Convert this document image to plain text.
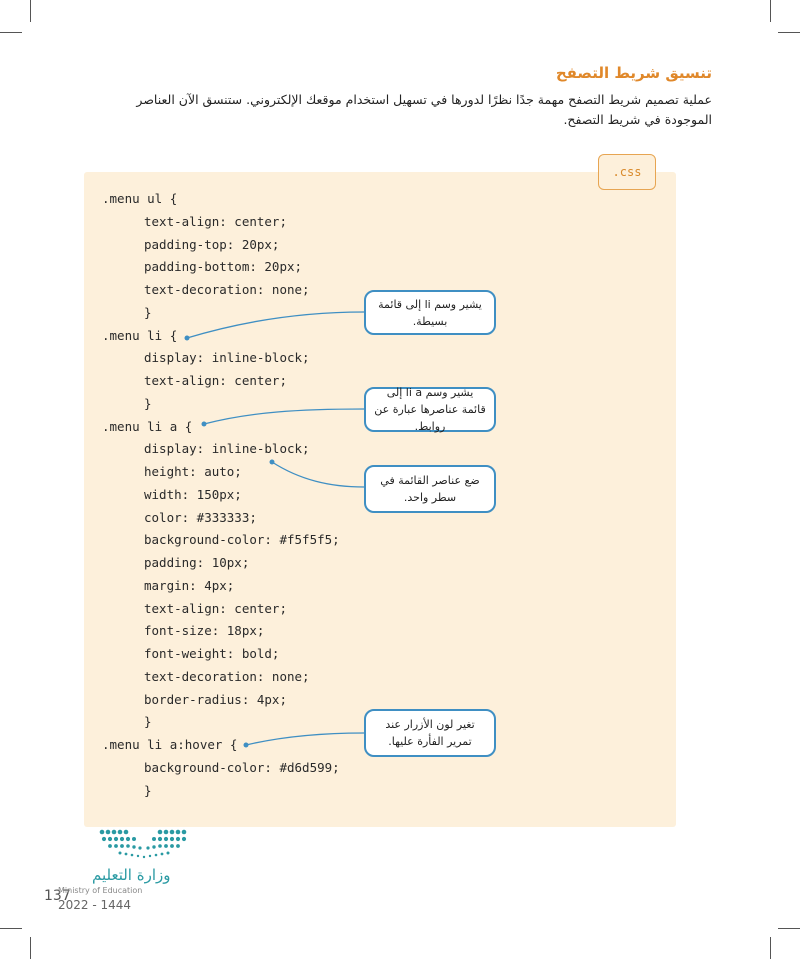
تنسيق شريط التصفح

عملية تصميم شريط التصفح مهمة جدًا نظرًا لدورها في تسهيل استخدام موقعك الإلكتروني. ستنسق الآن العناصر الموجودة في شريط التصفح.

.css
.menu ul {
text-align: center;
padding-top: 20px;
padding-bottom: 20px;
text-decoration: none;
}
.menu li {
display: inline-block;
text-align: center;
}
.menu li a {
display: inline-block;
height: auto;
width: 150px;
color: #333333;
background-color: #f5f5f5;
padding: 10px;
margin: 4px;
text-align: center;
font-size: 18px;
font-weight: bold;
text-decoration: none;
border-radius: 4px;
}
.menu li a:hover {
background-color: #d6d599;
}
يشير وسم li إلى قائمة بسيطة.
يشير وسم li a إلى قائمة عناصرها عبارة عن روابط.
ضع عناصر القائمة في سطر واحد.
تغير لون الأزرار عند تمرير الفأرة عليها.
وزارة التعليم
137
Ministry of Education
2022 - 1444
